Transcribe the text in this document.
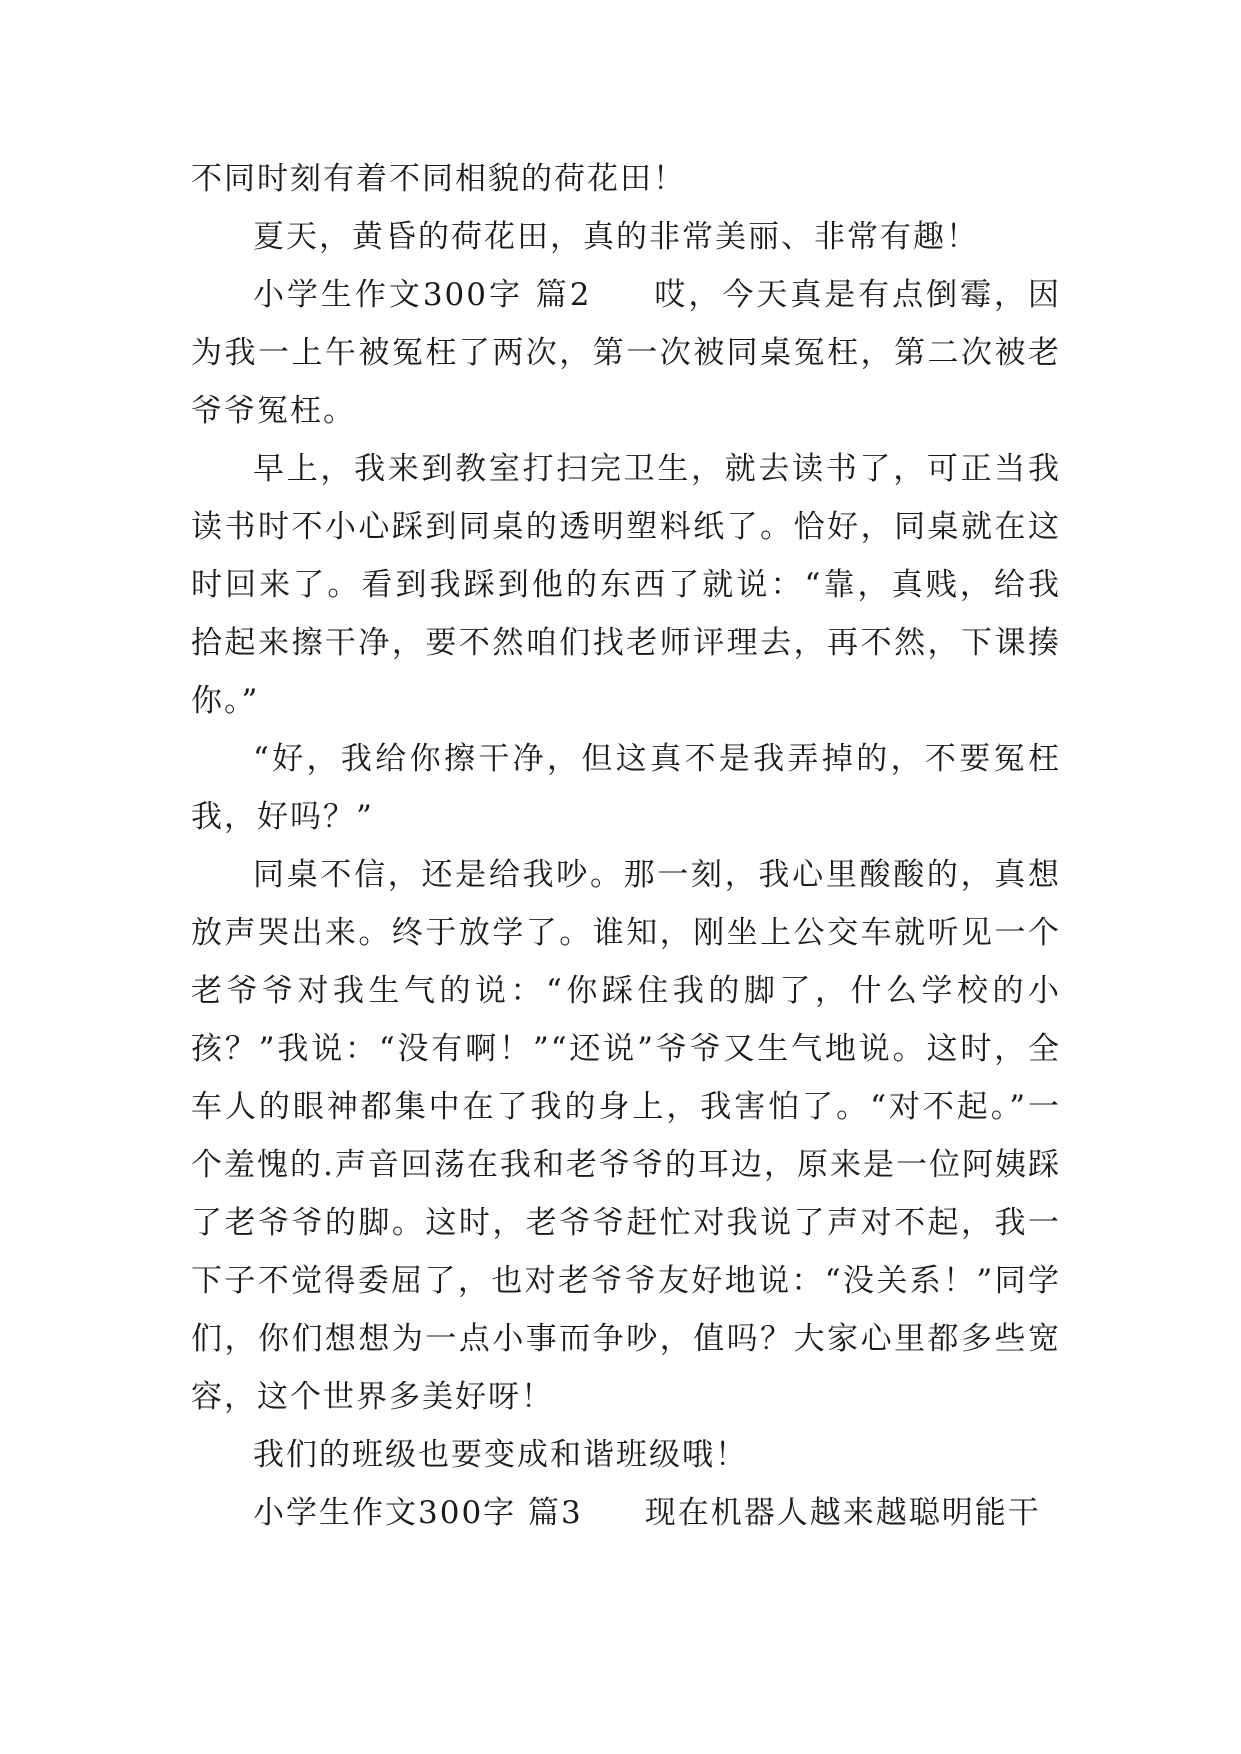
不同时刻有着不同相貌的荷花田！

夏天，黄昏的荷花田，真的非常美丽、非常有趣！

小学生作文300字 篇2 哎，今天真是有点倒霉，因为我一上午被冤枉了两次，第一次被同桌冤枉，第二次被老爷爷冤枉。

早上，我来到教室打扫完卫生，就去读书了，可正当我读书时不小心踩到同桌的透明塑料纸了。恰好，同桌就在这时回来了。看到我踩到他的东西了就说：“靠，真贱，给我拾起来擦干净，要不然咱们找老师评理去，再不然，下课揍你。”

“好，我给你擦干净，但这真不是我弄掉的，不要冤枉我，好吗？”

同桌不信，还是给我吵。那一刻，我心里酸酸的，真想放声哭出来。终于放学了。谁知，刚坐上公交车就听见一个老爷爷对我生气的说：“你踩住我的脚了，什么学校的小孩？”我说：“没有啊！”“还说”爷爷又生气地说。这时，全车人的眼神都集中在了我的身上，我害怕了。“对不起。”一个羞愧的.声音回荡在我和老爷爷的耳边，原来是一位阿姨踩了老爷爷的脚。这时，老爷爷赶忙对我说了声对不起，我一下子不觉得委屈了，也对老爷爷友好地说：“没关系！”同学们，你们想想为一点小事而争吵，值吗？大家心里都多些宽容，这个世界多美好呀！

我们的班级也要变成和谐班级哦！

小学生作文300字 篇3 现在机器人越来越聪明能干
